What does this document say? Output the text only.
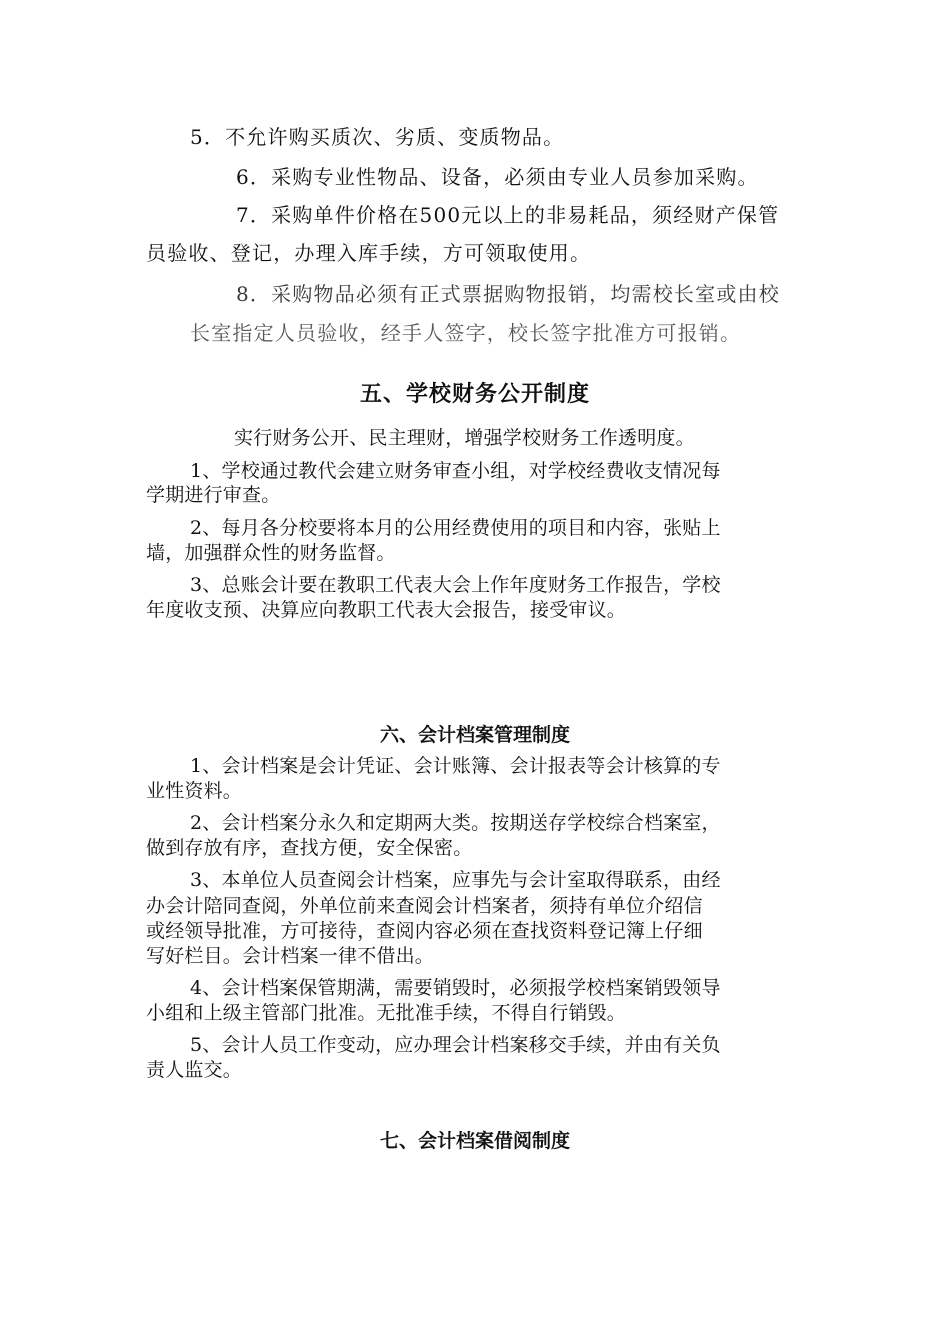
5．不允许购买质次、劣质、变质物品。
6．采购专业性物品、设备，必须由专业人员参加采购。
7．采购单件价格在500元以上的非易耗品，须经财产保管
员验收、登记，办理入库手续，方可领取使用。
8．采购物品必须有正式票据购物报销，均需校长室或由校
长室指定人员验收，经手人签字，校长签字批准方可报销。
五、学校财务公开制度
实行财务公开、民主理财，增强学校财务工作透明度。
1、学校通过教代会建立财务审查小组，对学校经费收支情况每
学期进行审查。
2、每月各分校要将本月的公用经费使用的项目和内容，张贴上
墙，加强群众性的财务监督。
3、总账会计要在教职工代表大会上作年度财务工作报告，学校
年度收支预、决算应向教职工代表大会报告，接受审议。
六、会计档案管理制度
1、会计档案是会计凭证、会计账簿、会计报表等会计核算的专
业性资料。
2、会计档案分永久和定期两大类。按期送存学校综合档案室，
做到存放有序，查找方便，安全保密。
3、本单位人员查阅会计档案，应事先与会计室取得联系，由经
办会计陪同查阅，外单位前来查阅会计档案者，须持有单位介绍信
或经领导批准，方可接待，查阅内容必须在查找资料登记簿上仔细
写好栏目。会计档案一律不借出。
4、会计档案保管期满，需要销毁时，必须报学校档案销毁领导
小组和上级主管部门批准。无批准手续，不得自行销毁。
5、会计人员工作变动，应办理会计档案移交手续，并由有关负
责人监交。
七、会计档案借阅制度
